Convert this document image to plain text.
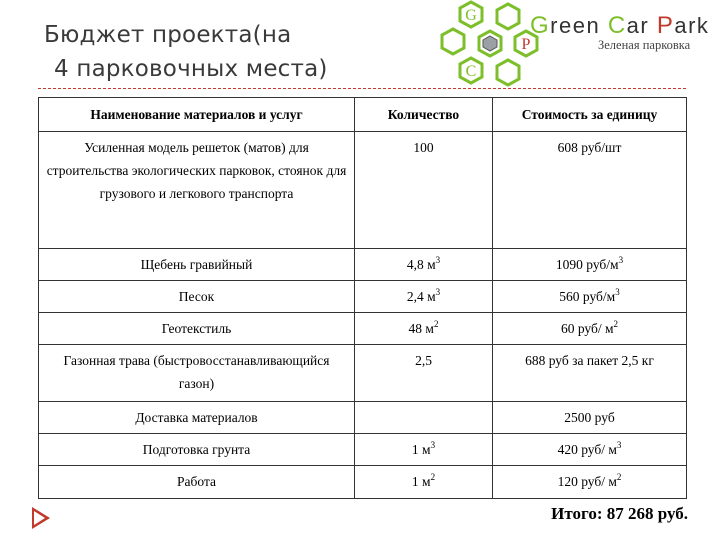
Бюджет проекта(на
4 парковочных места)
G
P
C
Green Car Park
Зеленая парковка
Наименование материалов и услуг	Количество	Стоимость за единицу
Усиленная модель решеток (матов) для строительства экологических парковок, стоянок для грузового и легкового транспорта	100	608 руб/шт
Щебень гравийный	4,8 $м^3$	1090 руб/$м^3$
Песок	2,4 $м^3$	560 руб/$м^3$
Геотекстиль	48 $м^2$	60 руб/ $м^2$
Газонная трава (быстровосстанавливающийся газон)	2,5	688 руб за пакет 2,5 кг
Доставка материалов		2500 руб
Подготовка грунта	1 $м^3$	420 руб/ $м^3$
Работа	1 $м^2$	120 руб/ $м^2$
Итого: 87 268 руб.
